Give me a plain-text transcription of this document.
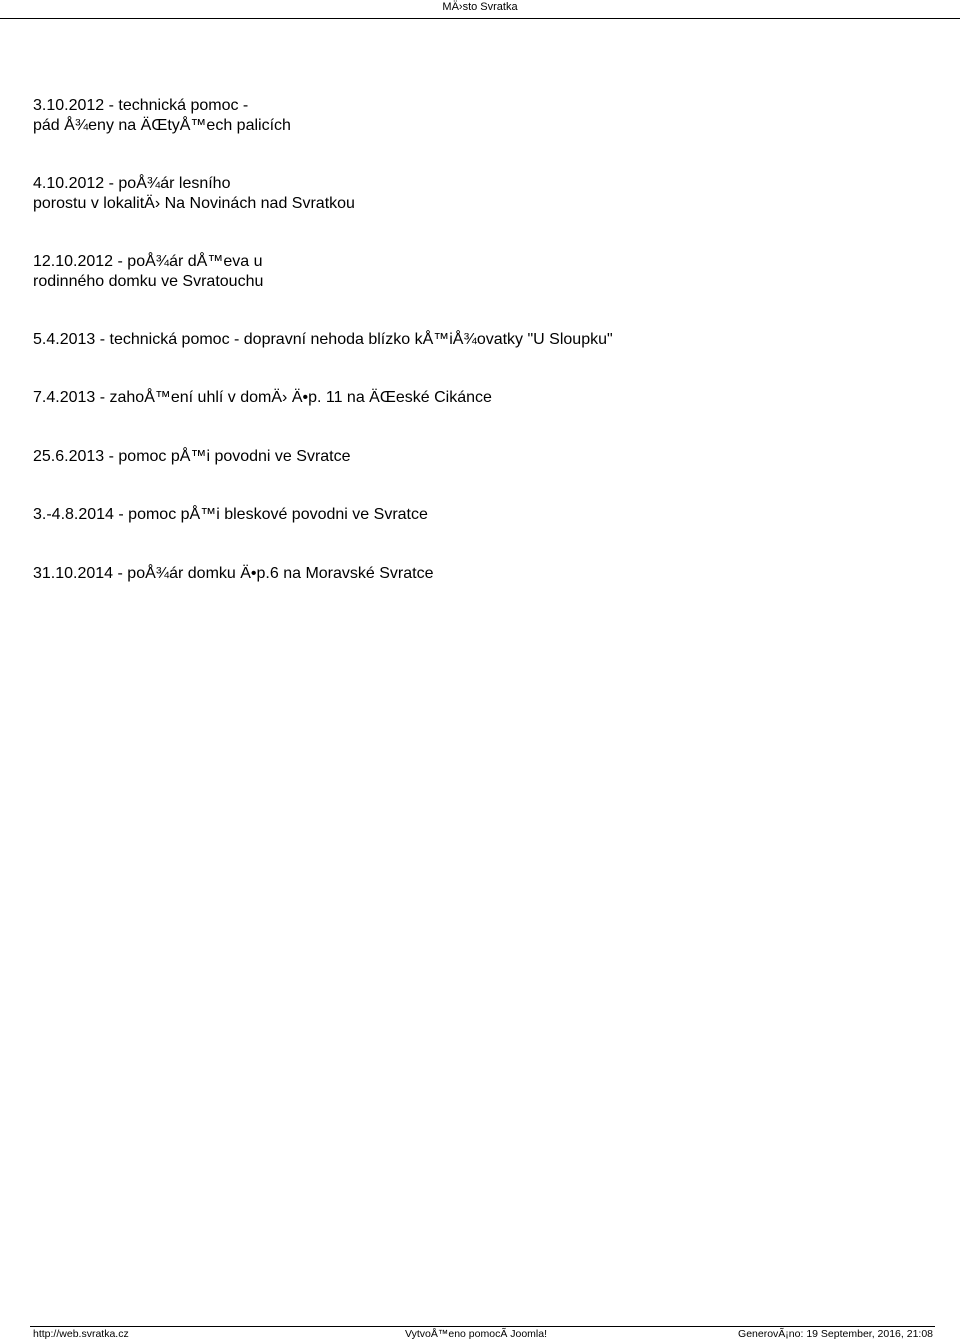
MÄ›sto Svratka

3.10.2012 - technická pomoc -
pád Å¾eny na ÄŒtyÅ™ech palicích

4.10.2012 - poÅ¾ár lesního
porostu v lokalitÄ› Na Novinách nad Svratkou

12.10.2012 - poÅ¾ár dÅ™eva u
rodinného domku ve Svratouchu

5.4.2013 - technická pomoc - dopravní nehoda blízko kÅ™iÅ¾ovatky "U Sloupku"

7.4.2013 - zahoÅ™ení uhlí v domÄ› Ä•p. 11 na ÄŒeské Cikánce

25.6.2013 - pomoc pÅ™i povodni ve Svratce

3.-4.8.2014 - pomoc pÅ™i bleskové povodni ve Svratce

31.10.2014 - poÅ¾ár domku Ä•p.6 na Moravské Svratce

http://web.svratka.cz	VytvoÅ™eno pomocÃ Joomla!	GenerovÃ¡no: 19 September, 2016, 21:08
